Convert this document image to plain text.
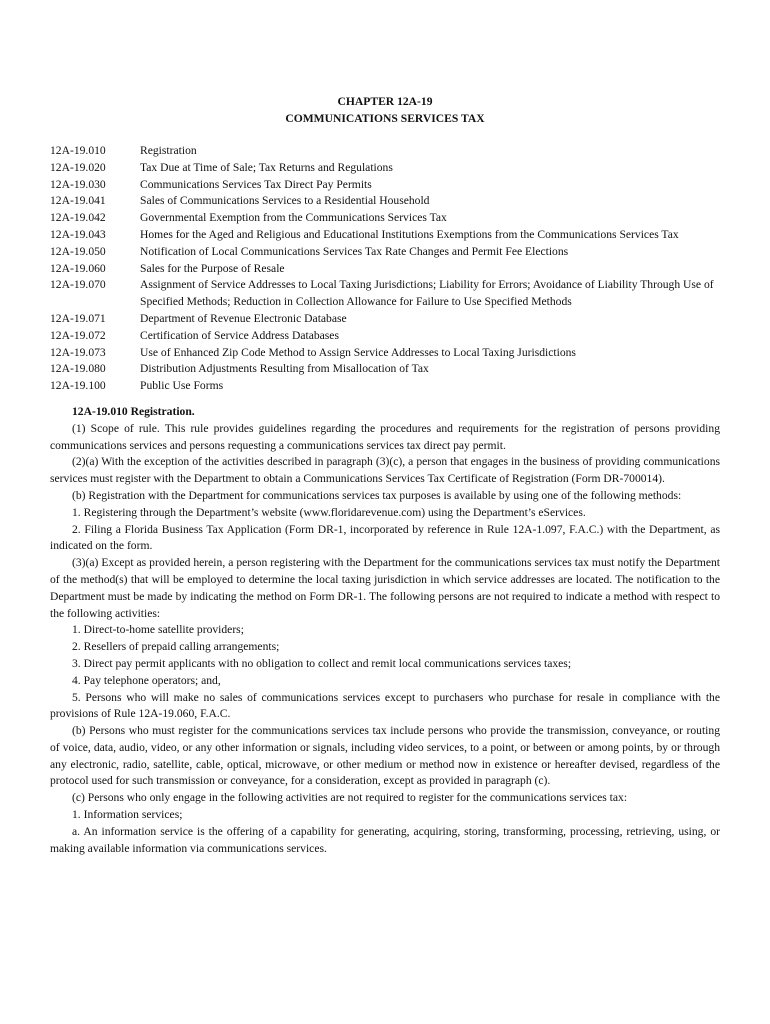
CHAPTER 12A-19
COMMUNICATIONS SERVICES TAX
12A-19.010	Registration
12A-19.020	Tax Due at Time of Sale; Tax Returns and Regulations
12A-19.030	Communications Services Tax Direct Pay Permits
12A-19.041	Sales of Communications Services to a Residential Household
12A-19.042	Governmental Exemption from the Communications Services Tax
12A-19.043	Homes for the Aged and Religious and Educational Institutions Exemptions from the Communications Services Tax
12A-19.050	Notification of Local Communications Services Tax Rate Changes and Permit Fee Elections
12A-19.060	Sales for the Purpose of Resale
12A-19.070	Assignment of Service Addresses to Local Taxing Jurisdictions; Liability for Errors; Avoidance of Liability Through Use of Specified Methods; Reduction in Collection Allowance for Failure to Use Specified Methods
12A-19.071	Department of Revenue Electronic Database
12A-19.072	Certification of Service Address Databases
12A-19.073	Use of Enhanced Zip Code Method to Assign Service Addresses to Local Taxing Jurisdictions
12A-19.080	Distribution Adjustments Resulting from Misallocation of Tax
12A-19.100	Public Use Forms
12A-19.010 Registration.

(1) Scope of rule. This rule provides guidelines regarding the procedures and requirements for the registration of persons providing communications services and persons requesting a communications services tax direct pay permit.

(2)(a) With the exception of the activities described in paragraph (3)(c), a person that engages in the business of providing communications services must register with the Department to obtain a Communications Services Tax Certificate of Registration (Form DR-700014).

(b) Registration with the Department for communications services tax purposes is available by using one of the following methods:

1. Registering through the Department’s website (www.floridarevenue.com) using the Department’s eServices.

2. Filing a Florida Business Tax Application (Form DR-1, incorporated by reference in Rule 12A-1.097, F.A.C.) with the Department, as indicated on the form.

(3)(a) Except as provided herein, a person registering with the Department for the communications services tax must notify the Department of the method(s) that will be employed to determine the local taxing jurisdiction in which service addresses are located. The notification to the Department must be made by indicating the method on Form DR-1. The following persons are not required to indicate a method with respect to the following activities:

1. Direct-to-home satellite providers;

2. Resellers of prepaid calling arrangements;

3. Direct pay permit applicants with no obligation to collect and remit local communications services taxes;

4. Pay telephone operators; and,

5. Persons who will make no sales of communications services except to purchasers who purchase for resale in compliance with the provisions of Rule 12A-19.060, F.A.C.

(b) Persons who must register for the communications services tax include persons who provide the transmission, conveyance, or routing of voice, data, audio, video, or any other information or signals, including video services, to a point, or between or among points, by or through any electronic, radio, satellite, cable, optical, microwave, or other medium or method now in existence or hereafter devised, regardless of the protocol used for such transmission or conveyance, for a consideration, except as provided in paragraph (c).

(c) Persons who only engage in the following activities are not required to register for the communications services tax:

1. Information services;

a. An information service is the offering of a capability for generating, acquiring, storing, transforming, processing, retrieving, using, or making available information via communications services.
